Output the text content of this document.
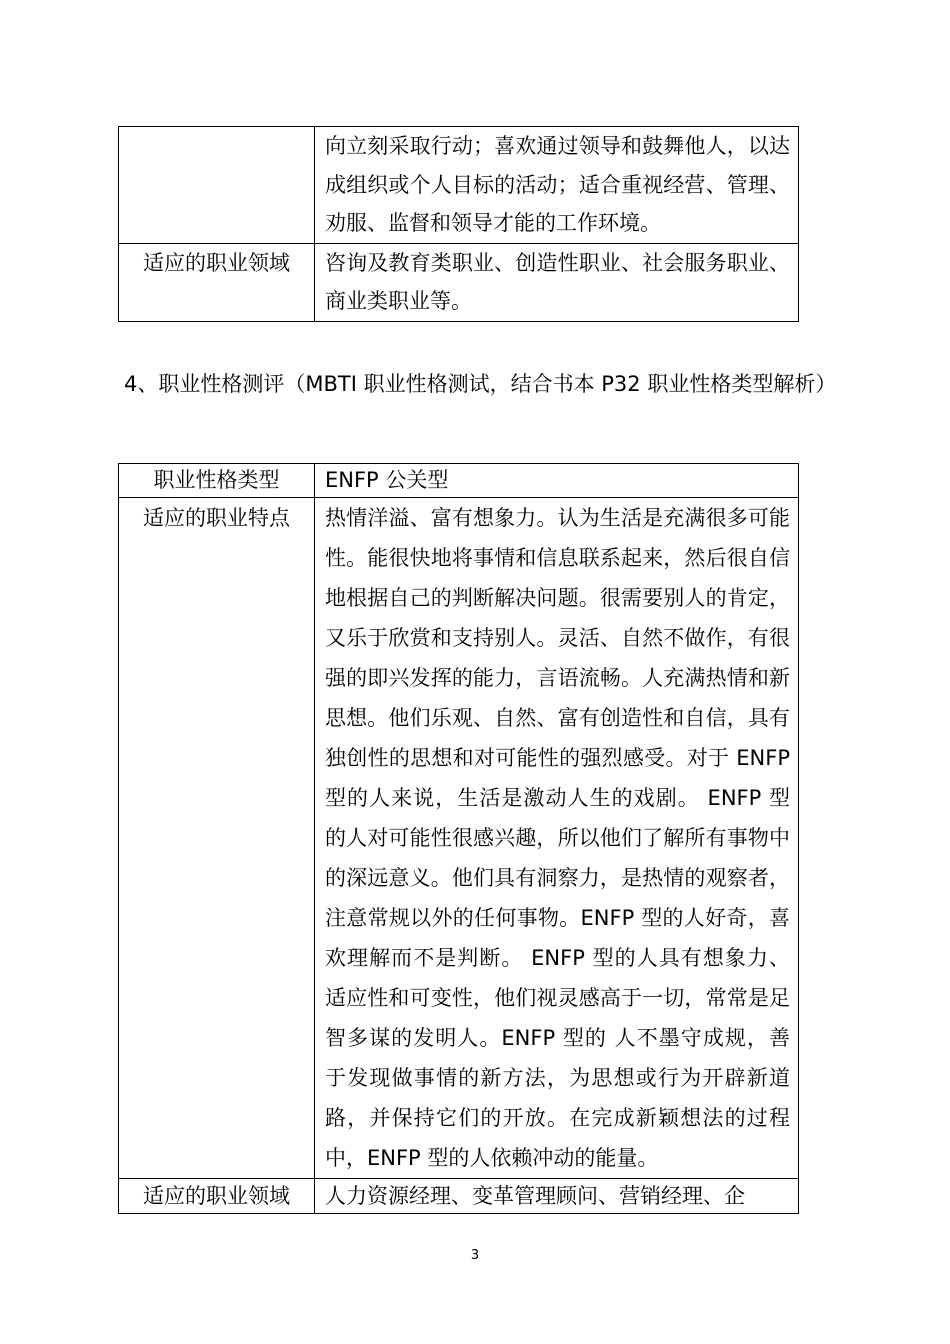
	向立刻采取行动；喜欢通过领导和鼓舞他人，以达成组织或个人目标的活动；适合重视经营、管理、劝服、监督和领导才能的工作环境。
适应的职业领域	咨询及教育类职业、创造性职业、社会服务职业、商业类职业等。

4、职业性格测评（MBTI 职业性格测试，结合书本 P32 职业性格类型解析）

职业性格类型	ENFP 公关型
适应的职业特点	热情洋溢、富有想象力。认为生活是充满很多可能性。能很快地将事情和信息联系起来，然后很自信地根据自己的判断解决问题。很需要别人的肯定，又乐于欣赏和支持别人。灵活、自然不做作，有很强的即兴发挥的能力，言语流畅。人充满热情和新思想。他们乐观、自然、富有创造性和自信，具有独创性的思想和对可能性的强烈感受。对于 ENFP 型的人来说，生活是激动人生的戏剧。 ENFP 型的人对可能性很感兴趣，所以他们了解所有事物中 的深远意义。他们具有洞察力，是热情的观察者，注意常规以外的任何事物。ENFP 型的人好奇，喜欢理解而不是判断。 ENFP 型的人具有想象力、适应性和可变性，他们视灵感高于一切，常常是足智多谋的发明人。ENFP 型的 人不墨守成规，善于发现做事情的新方法，为思想或行为开辟新道路，并保持它们的开放。在完成新颖想法的过程中，ENFP 型的人依赖冲动的能量。
适应的职业领域	人力资源经理、变革管理顾问、营销经理、企
3
